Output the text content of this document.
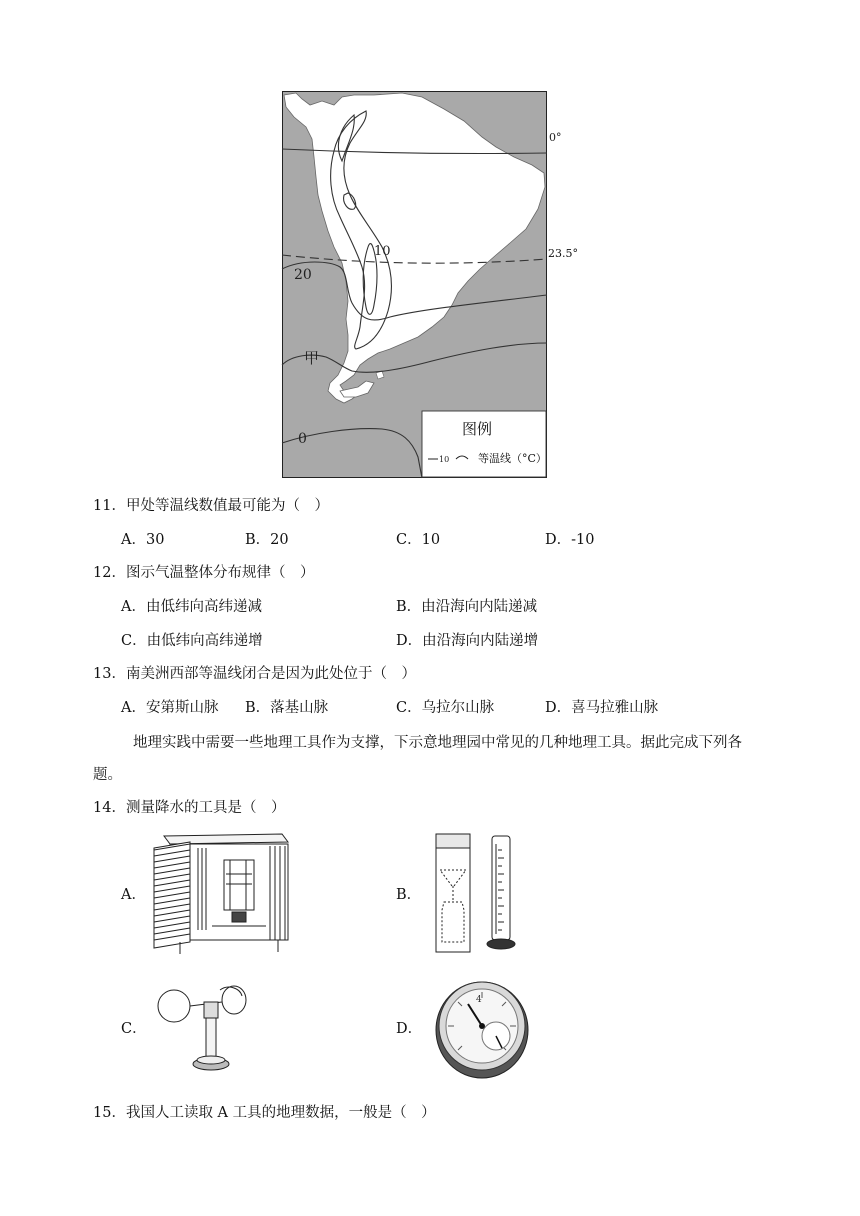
0°
10
20
甲
0
图例
10	等温线（°C）
23.5°
11．甲处等温线数值最可能为（　）
A．30	B．20	C．10	D．-10
12．图示气温整体分布规律（　）
A．由低纬向高纬递减	B．由沿海向内陆递减
C．由低纬向高纬递增	D．由沿海向内陆递增
13．南美洲西部等温线闭合是因为此处位于（　）
A．安第斯山脉 B．落基山脉	C．乌拉尔山脉	D．喜马拉雅山脉
地理实践中需要一些地理工具作为支撑，下示意地理园中常见的几种地理工具。据此完成下列各
题。
14．测量降水的工具是（　）
A．	B．
C．	D．
4
15．我国人工读取 A 工具的地理数据，一般是（　）
